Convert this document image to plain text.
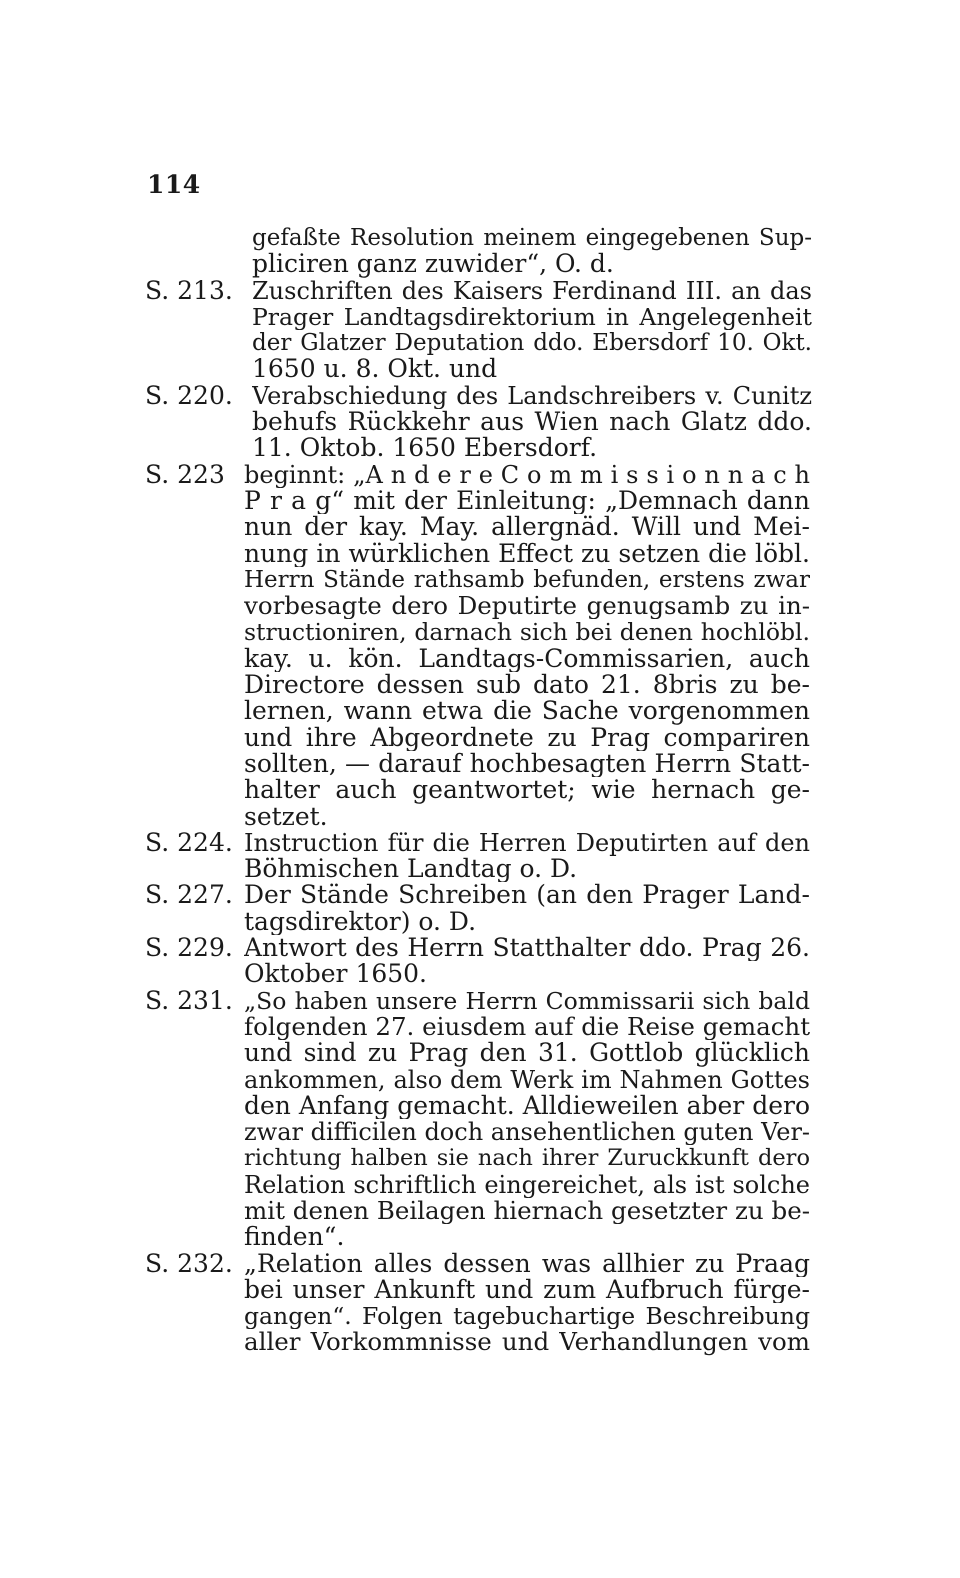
114
gefaßte Resolution meinem eingegebenen Sup-
pliciren ganz zuwider“, O. d.
S. 213. Zuschriften des Kaisers Ferdinand III. an das
Prager Landtagsdirektorium in Angelegenheit
der Glatzer Deputation ddo. Ebersdorf 10. Okt.
1650 u. 8. Okt. und
S. 220. Verabschiedung des Landschreibers v. Cunitz
behufs Rückkehr aus Wien nach Glatz ddo.
11. Oktob. 1650 Ebersdorf.
S. 223 beginnt: „A n d e r e C o m m i s s i o n n a c h
P r a g“ mit der Einleitung: „Demnach dann
nun der kay. May. allergnäd. Will und Mei-
nung in würklichen Effect zu setzen die löbl.
Herrn Stände rathsamb befunden, erstens zwar
vorbesagte dero Deputirte genugsamb zu in-
structioniren, darnach sich bei denen hochlöbl.
kay. u. kön. Landtags-Commissarien, auch
Directore dessen sub dato 21. 8bris zu be-
lernen, wann etwa die Sache vorgenommen
und ihre Abgeordnete zu Prag compariren
sollten, — darauf hochbesagten Herrn Statt-
halter auch geantwortet; wie hernach ge-
setzet.
S. 224. Instruction für die Herren Deputirten auf den
Böhmischen Landtag o. D.
S. 227. Der Stände Schreiben (an den Prager Land-
tagsdirektor) o. D.
S. 229. Antwort des Herrn Statthalter ddo. Prag 26.
Oktober 1650.
S. 231. „So haben unsere Herrn Commissarii sich bald
folgenden 27. eiusdem auf die Reise gemacht
und sind zu Prag den 31. Gottlob glücklich
ankommen, also dem Werk im Nahmen Gottes
den Anfang gemacht. Alldieweilen aber dero
zwar difficilen doch ansehentlichen guten Ver-
richtung halben sie nach ihrer Zuruckkunft dero
Relation schriftlich eingereichet, als ist solche
mit denen Beilagen hiernach gesetzter zu be-
finden“.
S. 232. „Relation alles dessen was allhier zu Praag
bei unser Ankunft und zum Aufbruch fürge-
gangen“. Folgen tagebuchartige Beschreibung
aller Vorkommnisse und Verhandlungen vom
